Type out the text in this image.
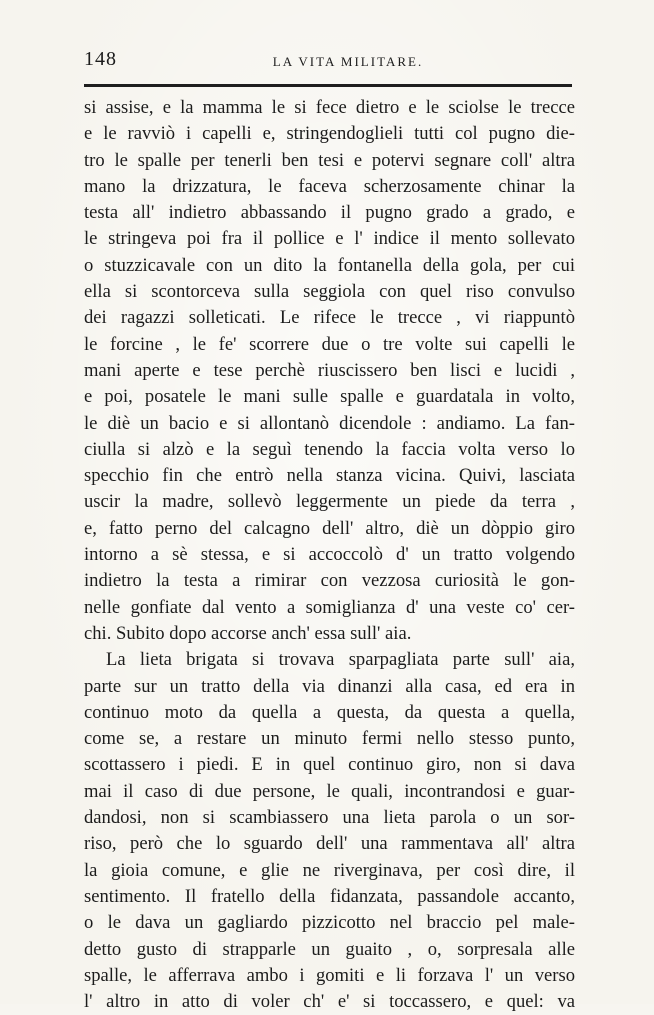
148	LA VITA MILITARE.
si assise, e la mamma le si fece dietro e le sciolse le trecce
e le ravviò i capelli e, stringendoglieli tutti col pugno die-
tro le spalle per tenerli ben tesi e potervi segnare coll' altra
mano la drizzatura, le faceva scherzosamente chinar la
testa all' indietro abbassando il pugno grado a grado, e
le stringeva poi fra il pollice e l' indice il mento sollevato
o stuzzicavale con un dito la fontanella della gola, per cui
ella si scontorceva sulla seggiola con quel riso convulso
dei ragazzi solleticati. Le rifece le trecce , vi riappuntò
le forcine , le fe' scorrere due o tre volte sui capelli le
mani aperte e tese perchè riuscissero ben lisci e lucidi ,
e poi, posatele le mani sulle spalle e guardatala in volto,
le diè un bacio e si allontanò dicendole : andiamo. La fan-
ciulla si alzò e la seguì tenendo la faccia volta verso lo
specchio fin che entrò nella stanza vicina. Quivi, lasciata
uscir la madre, sollevò leggermente un piede da terra ,
e, fatto perno del calcagno dell' altro, diè un dòppio giro
intorno a sè stessa, e si accoccolò d' un tratto volgendo
indietro la testa a rimirar con vezzosa curiosità le gon-
nelle gonfiate dal vento a somiglianza d' una veste co' cer-
chi. Subito dopo accorse anch' essa sull' aia.
La lieta brigata si trovava sparpagliata parte sull' aia,
parte sur un tratto della via dinanzi alla casa, ed era in
continuo moto da quella a questa, da questa a quella,
come se, a restare un minuto fermi nello stesso punto,
scottassero i piedi. E in quel continuo giro, non si dava
mai il caso di due persone, le quali, incontrandosi e guar-
dandosi, non si scambiassero una lieta parola o un sor-
riso, però che lo sguardo dell' una rammentava all' altra
la gioia comune, e glie ne riverginava, per così dire, il
sentimento. Il fratello della fidanzata, passandole accanto,
o le dava un gagliardo pizzicotto nel braccio pel male-
detto gusto di strapparle un guaito , o, sorpresala alle
spalle, le afferrava ambo i gomiti e li forzava l' un verso
l' altro in atto di voler ch' e' si toccassero, e quel: va
